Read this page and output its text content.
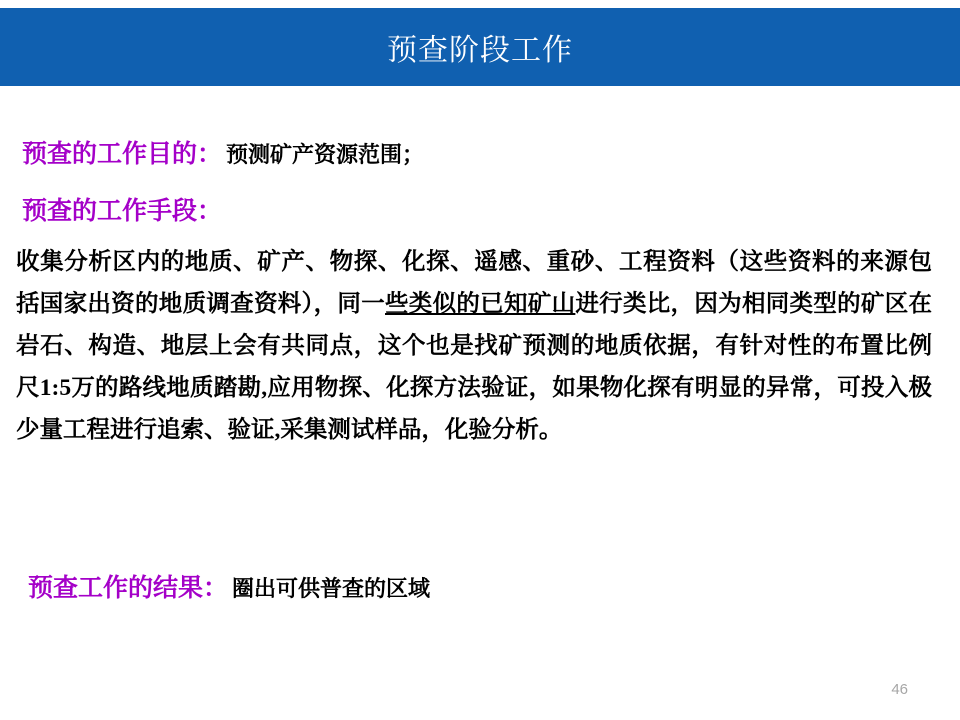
预查阶段工作
预查的工作目的： 预测矿产资源范围；
预查的工作手段：
收集分析区内的地质、矿产、物探、化探、遥感、重砂、工程资料（这些资料的来源包括国家出资的地质调查资料），同一些类似的已知矿山进行类比，因为相同类型的矿区在岩石、构造、地层上会有共同点，这个也是找矿预测的地质依据，有针对性的布置比例尺1:5万的路线地质踏勘,应用物探、化探方法验证，如果物化探有明显的异常，可投入极少量工程进行追索、验证,采集测试样品，化验分析。
预查工作的结果： 圈出可供普查的区域
46
